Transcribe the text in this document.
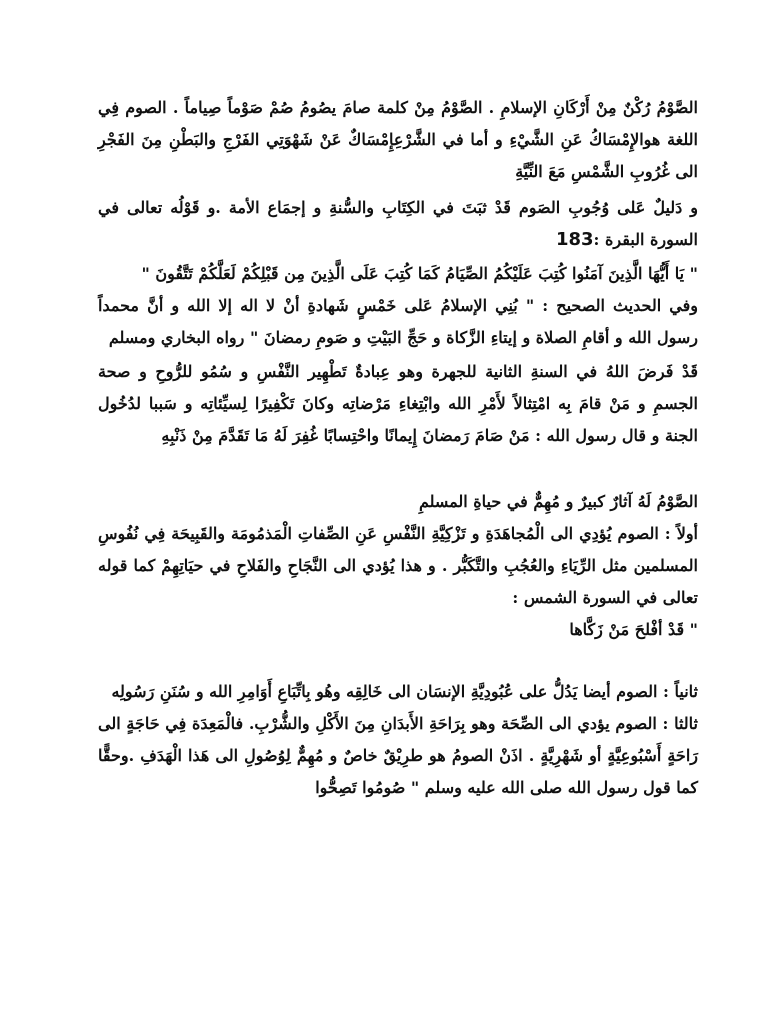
الصَّوْمُ رُكْنٌ مِنْ أَرْكَانِ الإسلامِ . الصَّوْمُ مِنْ كلمة صامَ يصُومُ صُمْ صَوْماً صِياماً . الصوم فِي اللغة هوالإِمْسَاكُ عَنِ الشَّيْءِ و أما في الشَّرْعِإِمْسَاكٌ عَنْ شَهْوَتِي الفَرْجِ والبَطْنِ مِنَ الفَجْرِ الى غُرُوبِ الشَّمْسِ مَعَ النِّيَّةِ

و دَليلٌ عَلى وُجُوبِ الصَوم قَدْ ثبَتَ في الكِتَابِ والسُّنةِ و إجمَاع الأمة .و قَوْلُه تعالى في السورة البقرة :183

" يَا أَيُّهَا الَّذِينَ آمَنُوا كُتِبَ عَلَيْكُمُ الصِّيَامُ كَمَا كُتِبَ عَلَى الَّذِينَ مِن قَبْلِكُمْ لَعَلَّكُمْ تَتَّقُونَ "

وفي الحديث الصحيح : " بُنِي الإسلامُ عَلى خَمْسٍ شَهادةِ أنْ لا اله إلا الله و أنَّ محمداً رسول الله و أقامِ الصلاة و إيتاءِ الزَّكاة و حَجِّ البَيْتِ و صَومِ رمضانَ " رواه البخاري ومسلم

قَدْ فَرضَ اللهُ في السنةِ الثانية للجهرة وهو عِبادةٌ تَطْهِير النَّفْسِ و سُمُو للرُّوحِ و صحة الجسمِ و مَنْ قامَ بِه امْتِثالاً لأَمْرِ الله وابْتِغاءِ مَرْضاتِه وكانَ تَكْفِيرًا لِسيِّئاتِه و سَببا لدُخُول الجنة و قال رسول الله : مَنْ صَامَ رَمضانَ إِيمانًا واحْتِسابًا غُفِرَ لَهُ مَا تَقَدَّمَ مِنْ ذَنْبِهِ

الصَّوْمُ لَهُ آثارٌ كبيرٌ و مُهِمٌّ في حياةِ المسلمِ

أولاً : الصوم يُؤدِي الى الْمُجاهَدَةِ و تَزْكِيَّةِ النَّفْسِ عَنِ الصِّفاتِ الْمَذمُومَة والقَبِيحَة فِي نُفُوسِ المسلمين مثل الرِّيَاءِ والعُجُبِ والتَّكَبُّر . و هذا يُؤدي الى النَّجَاحِ والفَلاحِ في حيَاتِهِمْ كما قوله تعالى في السورة الشمس :

" قَدْ أفْلحَ مَنْ زَكَّاها

ثانياً : الصوم أيضا يَدُلُّ على عُبُودِيَّةِ الإنسَان الى خَالِقِه وهُو بِاتِّبَاعِ أَوَامِرِ الله و سُنَنِ رَسُولِه

ثالثا : الصوم يؤدي الى الصِّحَة وهو بِرَاحَةِ الأَبدَانِ مِنَ الأَكْلِ والشُّرْبِ. فالْمَعِدَة فِي حَاجَةٍ الى رَاحَةٍ أَسْبُوعِيَّةٍ أو شَهْرِيَّةٍ . اذَنْ الصومُ هو طرِيْقٌ خاصٌ و مُهِمٌّ لِوُصُولِ الى هَذا الْهَدَفِ .وحقًّا كما قول رسول الله صلى الله عليه وسلم " صُومُوا تَصِحُّوا
